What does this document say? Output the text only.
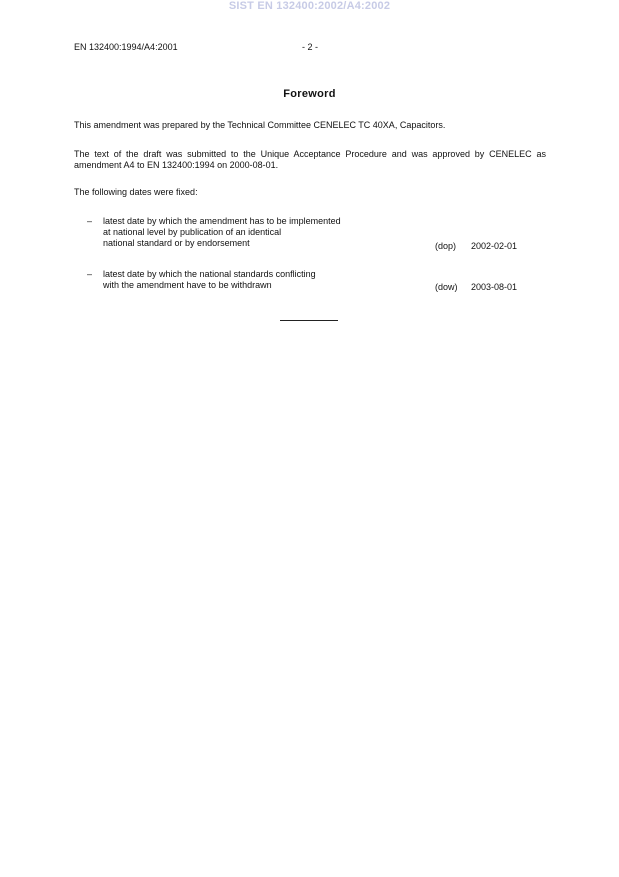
SIST EN 132400:2002/A4:2002
EN 132400:1994/A4:2001	- 2 -
Foreword
This amendment was prepared by the Technical Committee CENELEC TC 40XA, Capacitors.
The text of the draft was submitted to the Unique Acceptance Procedure and was approved by CENELEC as amendment A4 to EN 132400:1994 on 2000-08-01.
The following dates were fixed:
– latest date by which the amendment has to be implemented
at national level by publication of an identical
national standard or by endorsement	(dop)	2002-02-01
– latest date by which the national standards conflicting
with the amendment have to be withdrawn	(dow)	2003-08-01
